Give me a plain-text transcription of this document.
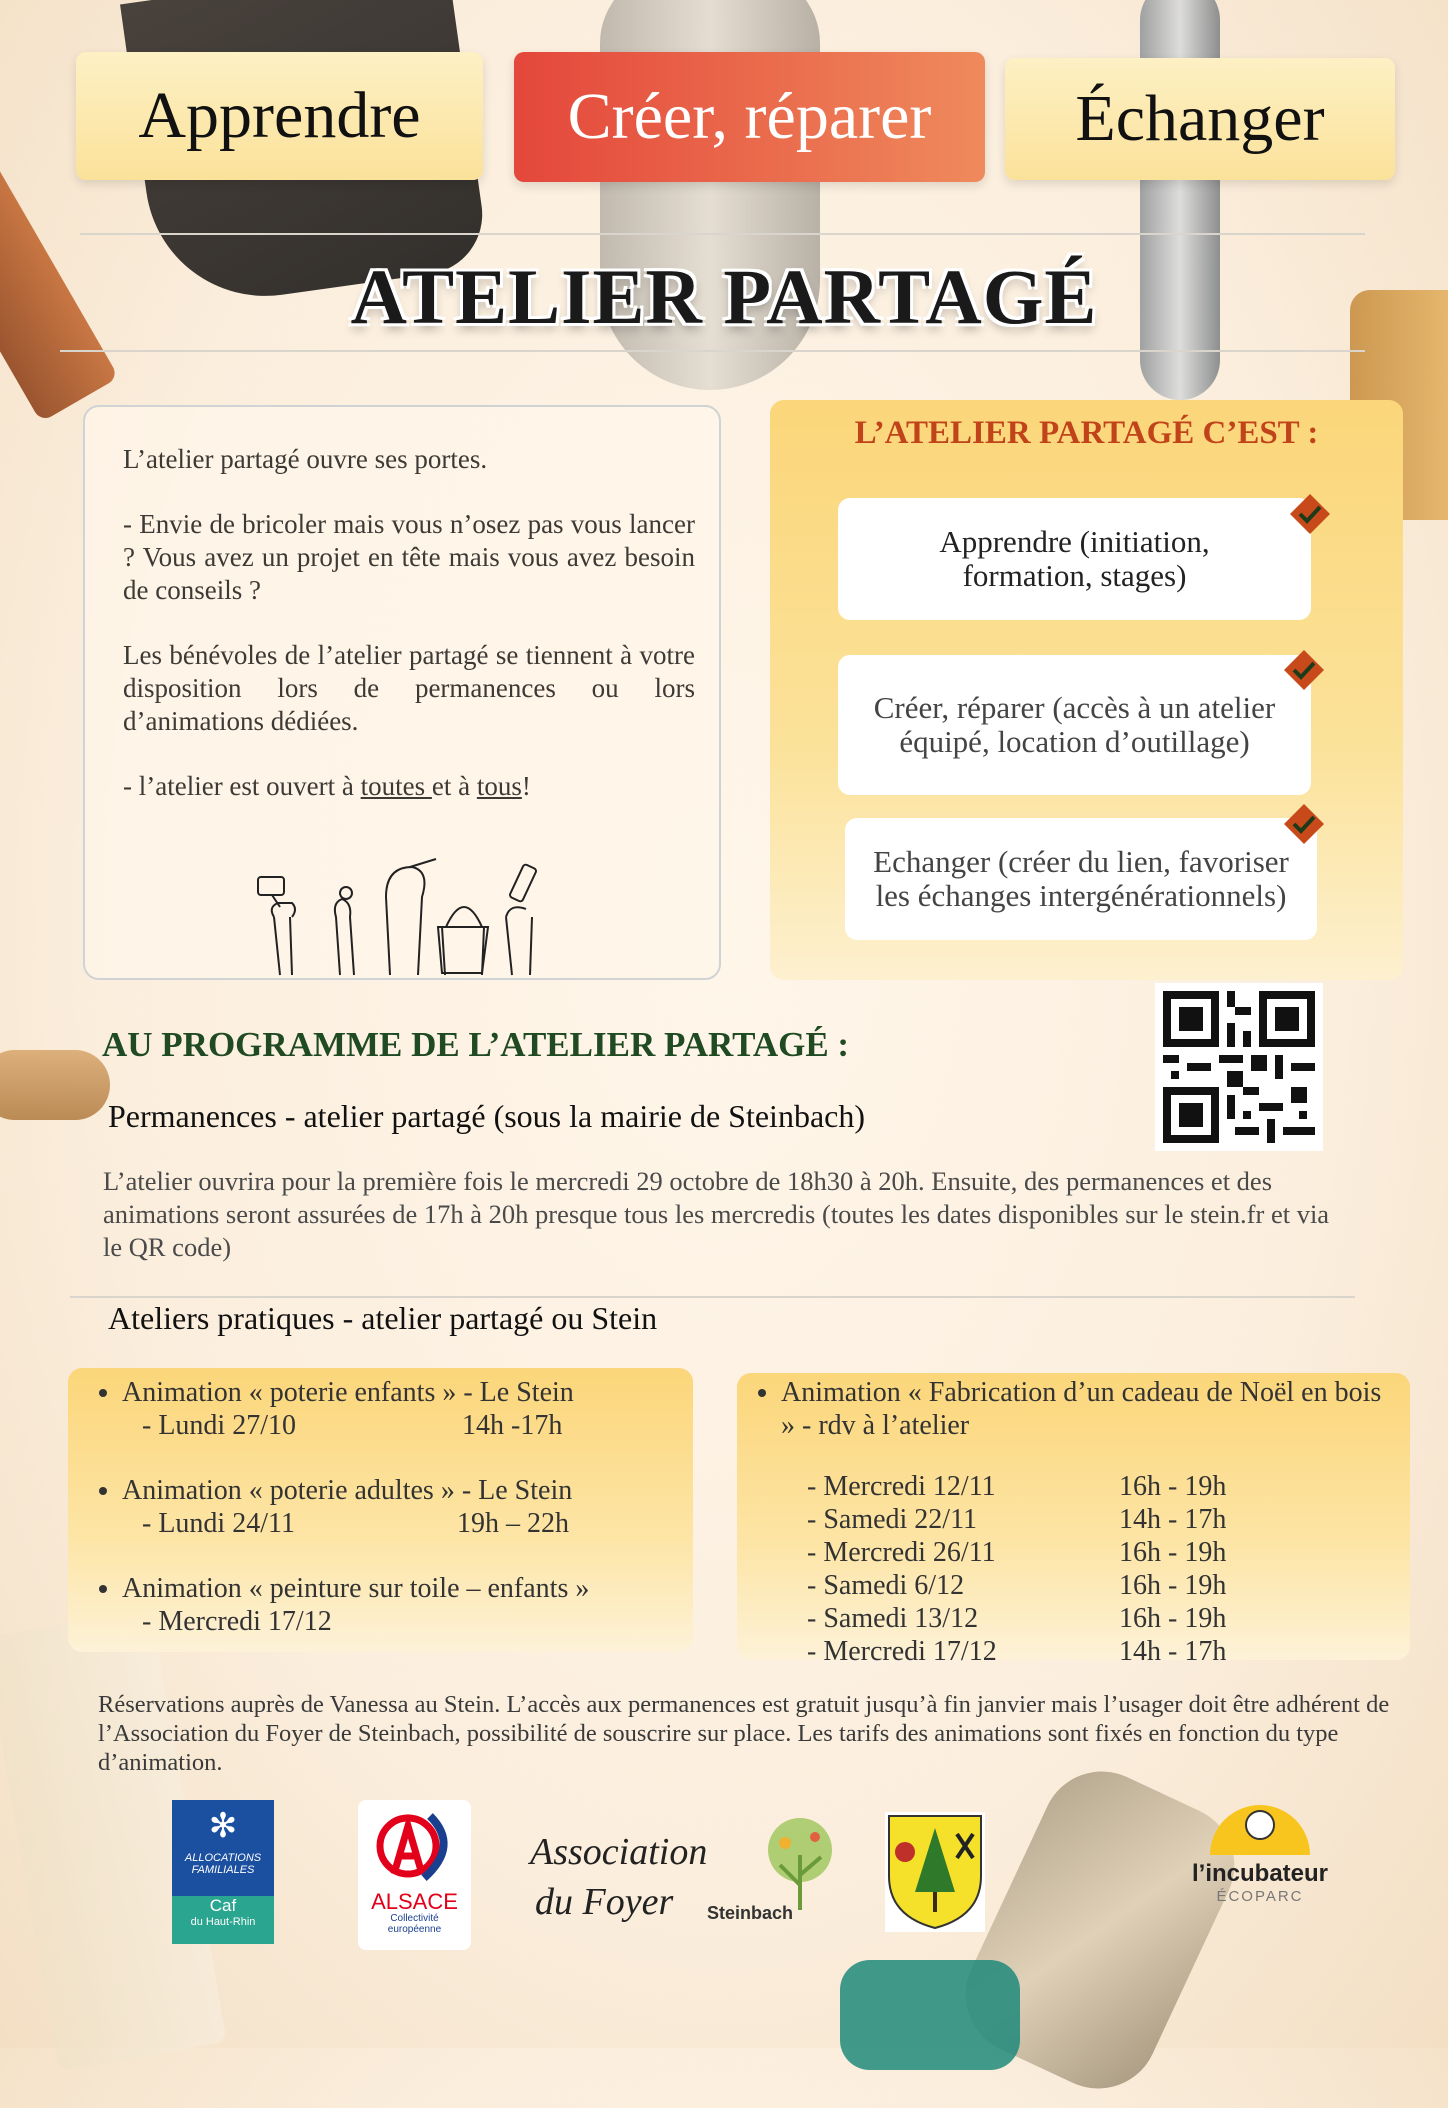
Apprendre Créer, réparer Échanger
ATELIER PARTAGÉ

L’atelier partagé ouvre ses portes.

- Envie de bricoler mais vous n’osez pas vous lancer ? Vous avez un projet en tête mais vous avez besoin de conseils ?

Les bénévoles de l’atelier partagé se tiennent à votre disposition lors de permanences ou lors d’animations dédiées.

- l’atelier est ouvert à toutes et à tous!

L’ATELIER PARTAGÉ C’EST :
Apprendre (initiation, formation, stages)
Créer, réparer (accès à un atelier équipé, location d’outillage)
Echanger (créer du lien, favoriser les échanges intergénérationnels)
AU PROGRAMME DE L’ATELIER PARTAGÉ :
Permanences - atelier partagé (sous la mairie de Steinbach)
L’atelier ouvrira pour la première fois le mercredi 29 octobre de 18h30 à 20h. Ensuite, des permanences et des animations seront assurées de 17h à 20h presque tous les mercredis (toutes les dates disponibles sur le stein.fr et via le QR code)
Ateliers pratiques - atelier partagé ou Stein
• Animation « poterie enfants » - Le Stein
- Lundi 27/10	14h -17h
• Animation « poterie adultes » - Le Stein
- Lundi 24/11	19h – 22h
• Animation « peinture sur toile – enfants »
- Mercredi 17/12
• Animation « Fabrication d’un cadeau de Noël en bois » - rdv à l’atelier
- Mercredi 12/11	16h - 19h
- Samedi 22/11	14h - 17h
- Mercredi 26/11	16h - 19h
- Samedi 6/12	16h - 19h
- Samedi 13/12	16h - 19h
- Mercredi 17/12	14h - 17h
Réservations auprès de Vanessa au Stein. L’accès aux permanences est gratuit jusqu’à fin janvier mais l’usager doit être adhérent de l’Association du Foyer de Steinbach, possibilité de souscrire sur place. Les tarifs des animations sont fixés en fonction du type d’animation.
✻
ALLOCATIONS
FAMILIALES
Caf
du Haut-Rhin
ALSACE
Collectivité
européenne
Association
du Foyer Steinbach
l’incubateur
ÉCOPARC
